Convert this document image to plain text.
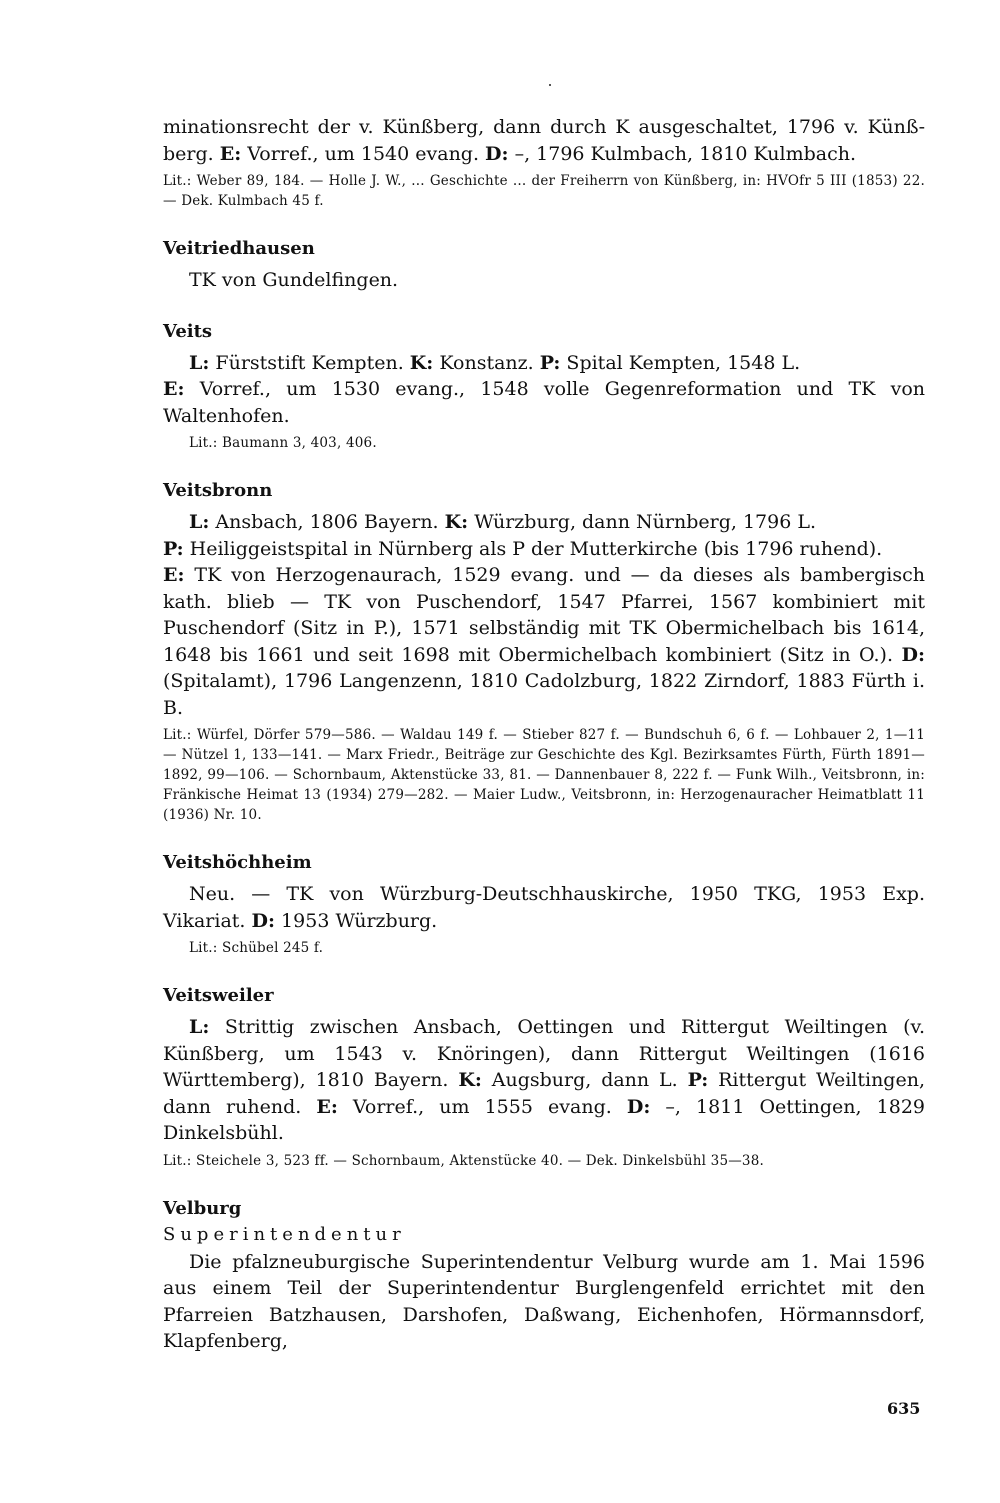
minationsrecht der v. Künßberg, dann durch K ausgeschaltet, 1796 v. Künß-berg. E: Vorref., um 1540 evang. D: –, 1796 Kulmbach, 1810 Kulmbach.

Lit.: Weber 89, 184. — Holle J. W., ... Geschichte ... der Freiherrn von Künßberg, in: HVOfr 5 III (1853) 22. — Dek. Kulmbach 45 f.

Veitriedhausen

TK von Gundelfingen.

Veits

L: Fürststift Kempten. K: Konstanz. P: Spital Kempten, 1548 L.

E: Vorref., um 1530 evang., 1548 volle Gegenreformation und TK von Waltenhofen.

Lit.: Baumann 3, 403, 406.

Veitsbronn

L: Ansbach, 1806 Bayern. K: Würzburg, dann Nürnberg, 1796 L.

P: Heiliggeistspital in Nürnberg als P der Mutterkirche (bis 1796 ruhend).

E: TK von Herzogenaurach, 1529 evang. und — da dieses als bambergisch kath. blieb — TK von Puschendorf, 1547 Pfarrei, 1567 kombiniert mit Puschendorf (Sitz in P.), 1571 selbständig mit TK Obermichelbach bis 1614, 1648 bis 1661 und seit 1698 mit Obermichelbach kombiniert (Sitz in O.). D: (Spitalamt), 1796 Langenzenn, 1810 Cadolzburg, 1822 Zirndorf, 1883 Fürth i. B.

Lit.: Würfel, Dörfer 579—586. — Waldau 149 f. — Stieber 827 f. — Bundschuh 6, 6 f. — Lohbauer 2, 1—11 — Nützel 1, 133—141. — Marx Friedr., Beiträge zur Geschichte des Kgl. Bezirksamtes Fürth, Fürth 1891—1892, 99—106. — Schornbaum, Aktenstücke 33, 81. — Dannenbauer 8, 222 f. — Funk Wilh., Veitsbronn, in: Fränkische Heimat 13 (1934) 279—282. — Maier Ludw., Veitsbronn, in: Herzogenauracher Heimatblatt 11 (1936) Nr. 10.

Veitshöchheim

Neu. — TK von Würzburg-Deutschhauskirche, 1950 TKG, 1953 Exp. Vikariat. D: 1953 Würzburg.

Lit.: Schübel 245 f.

Veitsweiler

L: Strittig zwischen Ansbach, Oettingen und Rittergut Weiltingen (v. Künßberg, um 1543 v. Knöringen), dann Rittergut Weiltingen (1616 Württemberg), 1810 Bayern. K: Augsburg, dann L. P: Rittergut Weiltingen, dann ruhend. E: Vorref., um 1555 evang. D: –, 1811 Oettingen, 1829 Dinkelsbühl.

Lit.: Steichele 3, 523 ff. — Schornbaum, Aktenstücke 40. — Dek. Dinkelsbühl 35—38.

Velburg

Superintendentur

Die pfalzneuburgische Superintendentur Velburg wurde am 1. Mai 1596 aus einem Teil der Superintendentur Burglengenfeld errichtet mit den Pfarreien Batzhausen, Darshofen, Daßwang, Eichenhofen, Hörmannsdorf, Klapfenberg,

635
